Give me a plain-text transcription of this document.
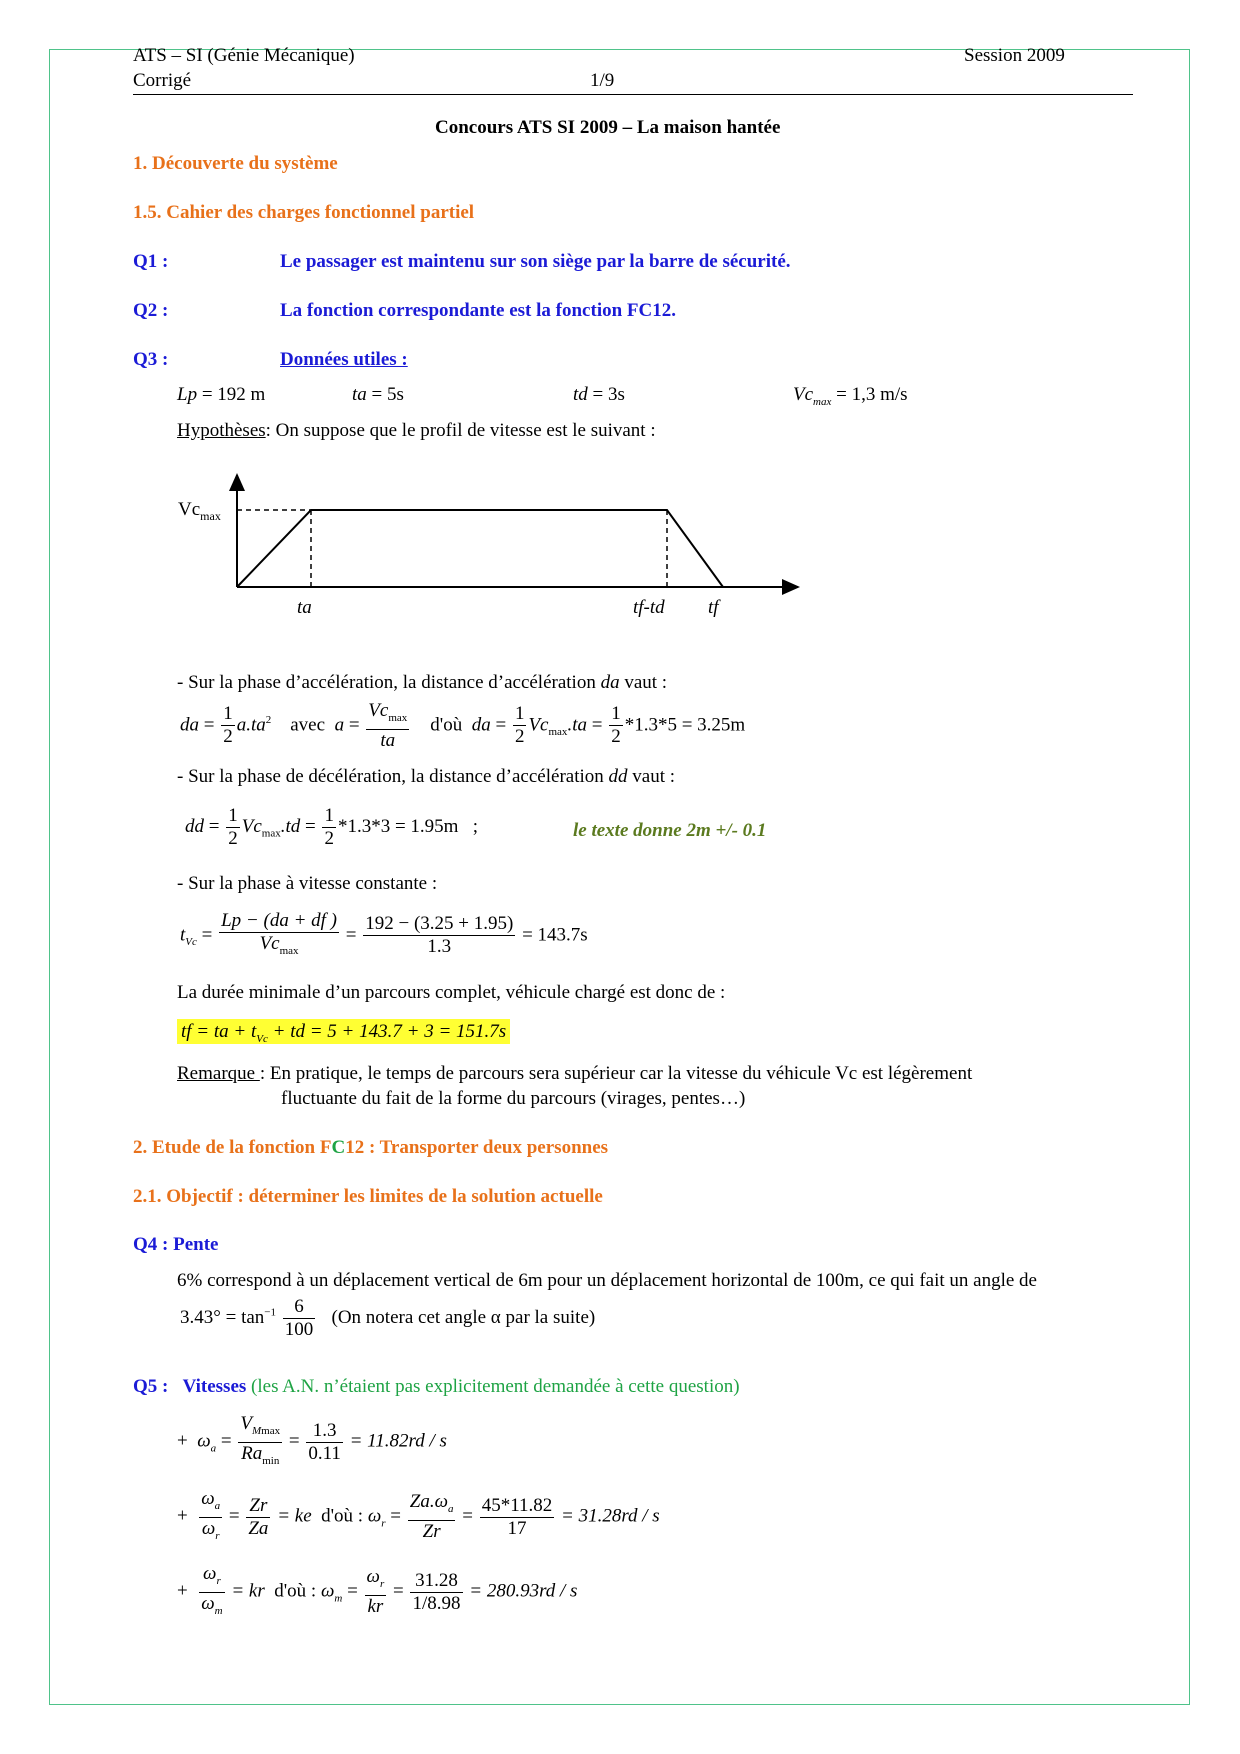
ATS – SI (Génie Mécanique)
Corrigé	1/9
Session 2009
Concours ATS SI 2009 – La maison hantée
1. Découverte du système
1.5. Cahier des charges fonctionnel partiel
Q1 :	Le passager est maintenu sur son siège par la barre de sécurité.
Q2 :	La fonction correspondante est la fonction FC12.
Q3 :	Données utiles :
Lp = 192 m	ta = 5s	td = 3s	$Vc_{max} = 1,3$ m/s
Hypothèses: On suppose que le profil de vitesse est le suivant :
$Vc_{max}$
ta	tf-td tf
- Sur la phase d’accélération, la distance d’accélération da vaut :
da = $\frac{1}{2} a.ta^2$ avec $a = \frac{Vc_{max}}{ta}$ d'où da = $\frac{1}{2} Vc_{max}.ta = \frac{1}{2} *1.3*5 = 3.25m$
- Sur la phase de décélération, la distance d’accélération dd vaut :
dd = $\frac{1}{2} Vc_{max}.td = \frac{1}{2} *1.3*3 = 1.95m$ ;	le texte donne 2m +/- 0.1
- Sur la phase à vitesse constante :
$t_{Vc} = \frac{Lp - (da + df )}{Vc_{max}} = \frac{192 - (3.25 + 1.95)}{1.3} = 143.7s$
La durée minimale d’un parcours complet, véhicule chargé est donc de :
tf = ta + $t_{Vc}$ + td = 5 + 143.7 + 3 = 151.7s
Remarque : En pratique, le temps de parcours sera supérieur car la vitesse du véhicule Vc est légèrement
fluctuante du fait de la forme du parcours (virages, pentes…)
2. Etude de la fonction FC12 : Transporter deux personnes
2.1. Objectif : déterminer les limites de la solution actuelle
Q4 : Pente
6% correspond à un déplacement vertical de 6m pour un déplacement horizontal de 100m, ce qui fait un angle de
$3.43^\circ = \tan^{-1} \frac{6}{100} (On$ notera cet angle α par la suite)
Q5 : Vitesses (les A.N. n’étaient pas explicitement demandée à cette question)
+  $\omega_a = \frac{V_{Mmax}}{Ra_{min}} = \frac{1.3}{0.11} = 11.82rd / s$
+ $\frac{\omega_a}{\omega_r} = \frac{Zr}{Za}$ = ke d'où : $\omega_r = \frac{Za.\omega_a}{Zr} = \frac{45*11.82}{17} = 31.28rd / s$
+ $\frac{\omega_r}{\omega_m}$ = kr d'où : $\omega_m = \frac{\omega_r}{kr} = \frac{31.28}{1/8.98} = 280.93rd / s$
